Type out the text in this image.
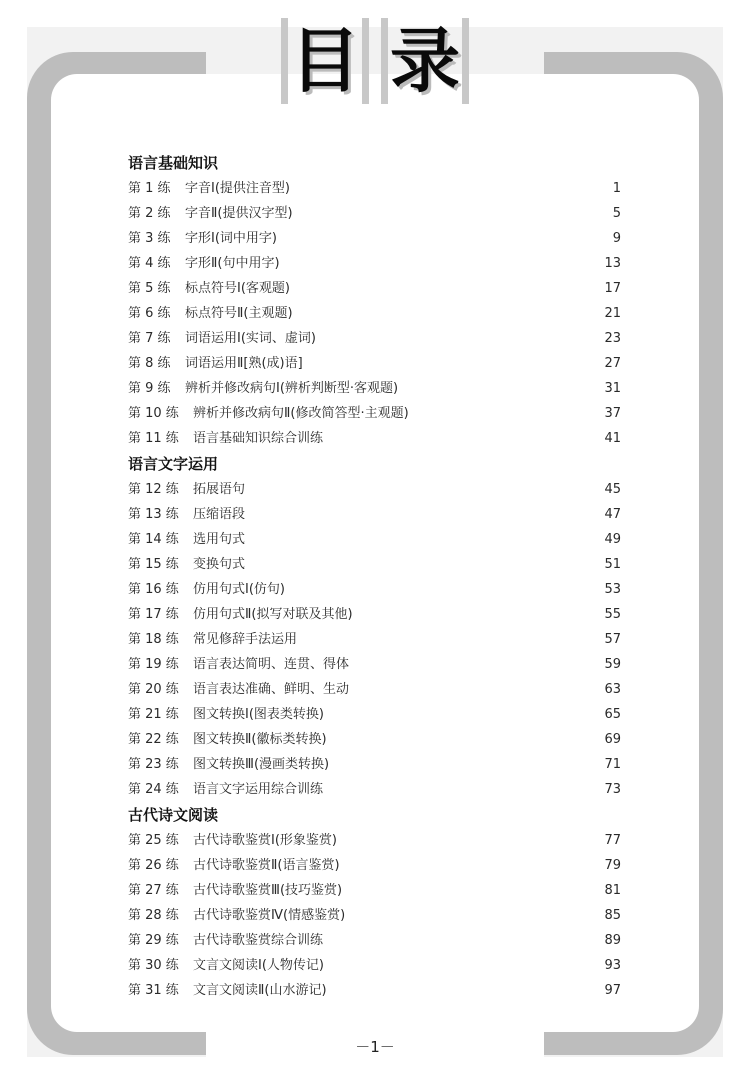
目 录
语言基础知识
第 1 练 字音Ⅰ(提供注音型)	1
第 2 练 字音Ⅱ(提供汉字型)	5
第 3 练 字形Ⅰ(词中用字)	9
第 4 练 字形Ⅱ(句中用字)	13
第 5 练 标点符号Ⅰ(客观题)	17
第 6 练 标点符号Ⅱ(主观题)	21
第 7 练 词语运用Ⅰ(实词、虚词)	23
第 8 练 词语运用Ⅱ[熟(成)语]	27
第 9 练 辨析并修改病句Ⅰ(辨析判断型·客观题)	31
第 10 练 辨析并修改病句Ⅱ(修改简答型·主观题)	37
第 11 练 语言基础知识综合训练	41
语言文字运用
第 12 练 拓展语句	45
第 13 练 压缩语段	47
第 14 练 选用句式	49
第 15 练 变换句式	51
第 16 练 仿用句式Ⅰ(仿句)	53
第 17 练 仿用句式Ⅱ(拟写对联及其他)	55
第 18 练 常见修辞手法运用	57
第 19 练 语言表达简明、连贯、得体	59
第 20 练 语言表达准确、鲜明、生动	63
第 21 练 图文转换Ⅰ(图表类转换)	65
第 22 练 图文转换Ⅱ(徽标类转换)	69
第 23 练 图文转换Ⅲ(漫画类转换)	71
第 24 练 语言文字运用综合训练	73
古代诗文阅读
第 25 练 古代诗歌鉴赏Ⅰ(形象鉴赏)	77
第 26 练 古代诗歌鉴赏Ⅱ(语言鉴赏)	79
第 27 练 古代诗歌鉴赏Ⅲ(技巧鉴赏)	81
第 28 练 古代诗歌鉴赏Ⅳ(情感鉴赏)	85
第 29 练 古代诗歌鉴赏综合训练	89
第 30 练 文言文阅读Ⅰ(人物传记)	93
第 31 练 文言文阅读Ⅱ(山水游记)	97
－1－
